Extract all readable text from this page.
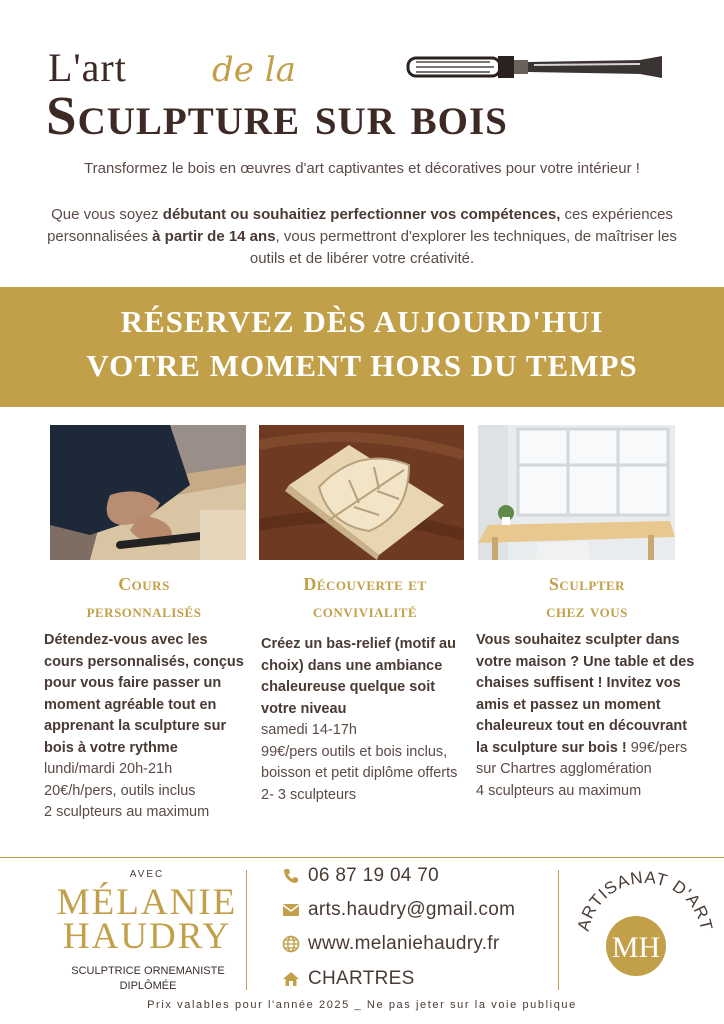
L'art	de la
Sculpture sur bois
Transformez le bois en œuvres d'art captivantes et décoratives pour votre intérieur !
Que vous soyez débutant ou souhaitiez perfectionner vos compétences, ces expériences personnalisées à partir de 14 ans, vous permettront d'explorer les techniques, de maîtriser les outils et de libérer votre créativité.
RÉSERVEZ DÈS AUJOURD'HUI
VOTRE MOMENT HORS DU TEMPS
Cours
personnalisés
Détendez-vous avec les cours personnalisés, conçus pour vous faire passer un moment agréable tout en apprenant la sculpture sur bois à votre rythme
lundi/mardi 20h-21h
20€/h/pers, outils inclus
2 sculpteurs au maximum
Découverte et
convivialité
Créez un bas-relief (motif au choix) dans une ambiance chaleureuse quelque soit votre niveau
samedi 14-17h
99€/pers outils et bois inclus, boisson et petit diplôme offerts
2- 3 sculpteurs
Sculpter
chez vous
Vous souhaitez sculpter dans votre maison ? Une table et des chaises suffisent ! Invitez vos amis et passez un moment chaleureux tout en découvrant la sculpture sur bois ! 99€/pers sur Chartres agglomération
4 sculpteurs au maximum
AVEC
MÉLANIE
HAUDRY
SCULPTRICE ORNEMANISTE
DIPLÔMÉE
06 87 19 04 70
arts.haudry@gmail.com
www.melaniehaudry.fr
CHARTRES
ARTISANAT D'ART
MH
Prix valables pour l'année 2025 _ Ne pas jeter sur la voie publique
